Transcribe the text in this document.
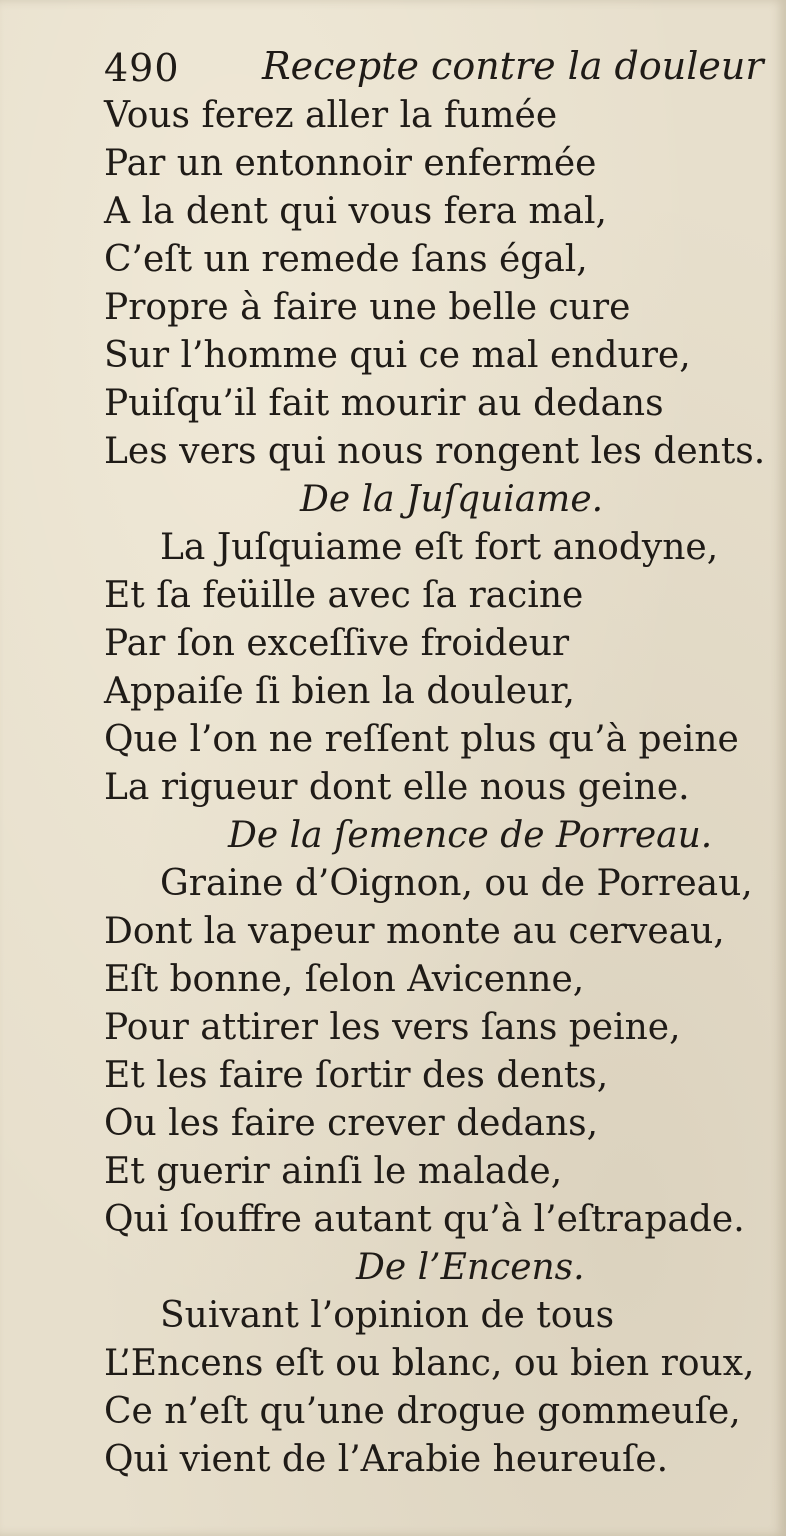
490 Recepte contre la douleur
Vous ferez aller la fumée
Par un entonnoir enfermée
A la dent qui vous fera mal,
C’eſt un remede ſans égal,
Propre à faire une belle cure
Sur l’homme qui ce mal endure,
Puiſqu’il fait mourir au dedans
Les vers qui nous rongent les dents.
De la Juſquiame.
La Juſquiame eſt fort anodyne,
Et ſa feüille avec ſa racine
Par ſon exceſſive froideur
Appaiſe ſi bien la douleur,
Que l’on ne reſſent plus qu’à peine
La rigueur dont elle nous geine.
De la ſemence de Porreau.
Graine d’Oignon, ou de Porreau,
Dont la vapeur monte au cerveau,
Eſt bonne, ſelon Avicenne,
Pour attirer les vers ſans peine,
Et les faire ſortir des dents,
Ou les faire crever dedans,
Et guerir ainſi le malade,
Qui ſouffre autant qu’à l’eſtrapade.
De l’Encens.
Suivant l’opinion de tous
L’Encens eſt ou blanc, ou bien roux,
Ce n’eſt qu’une drogue gommeuſe,
Qui vient de l’Arabie heureuſe.
